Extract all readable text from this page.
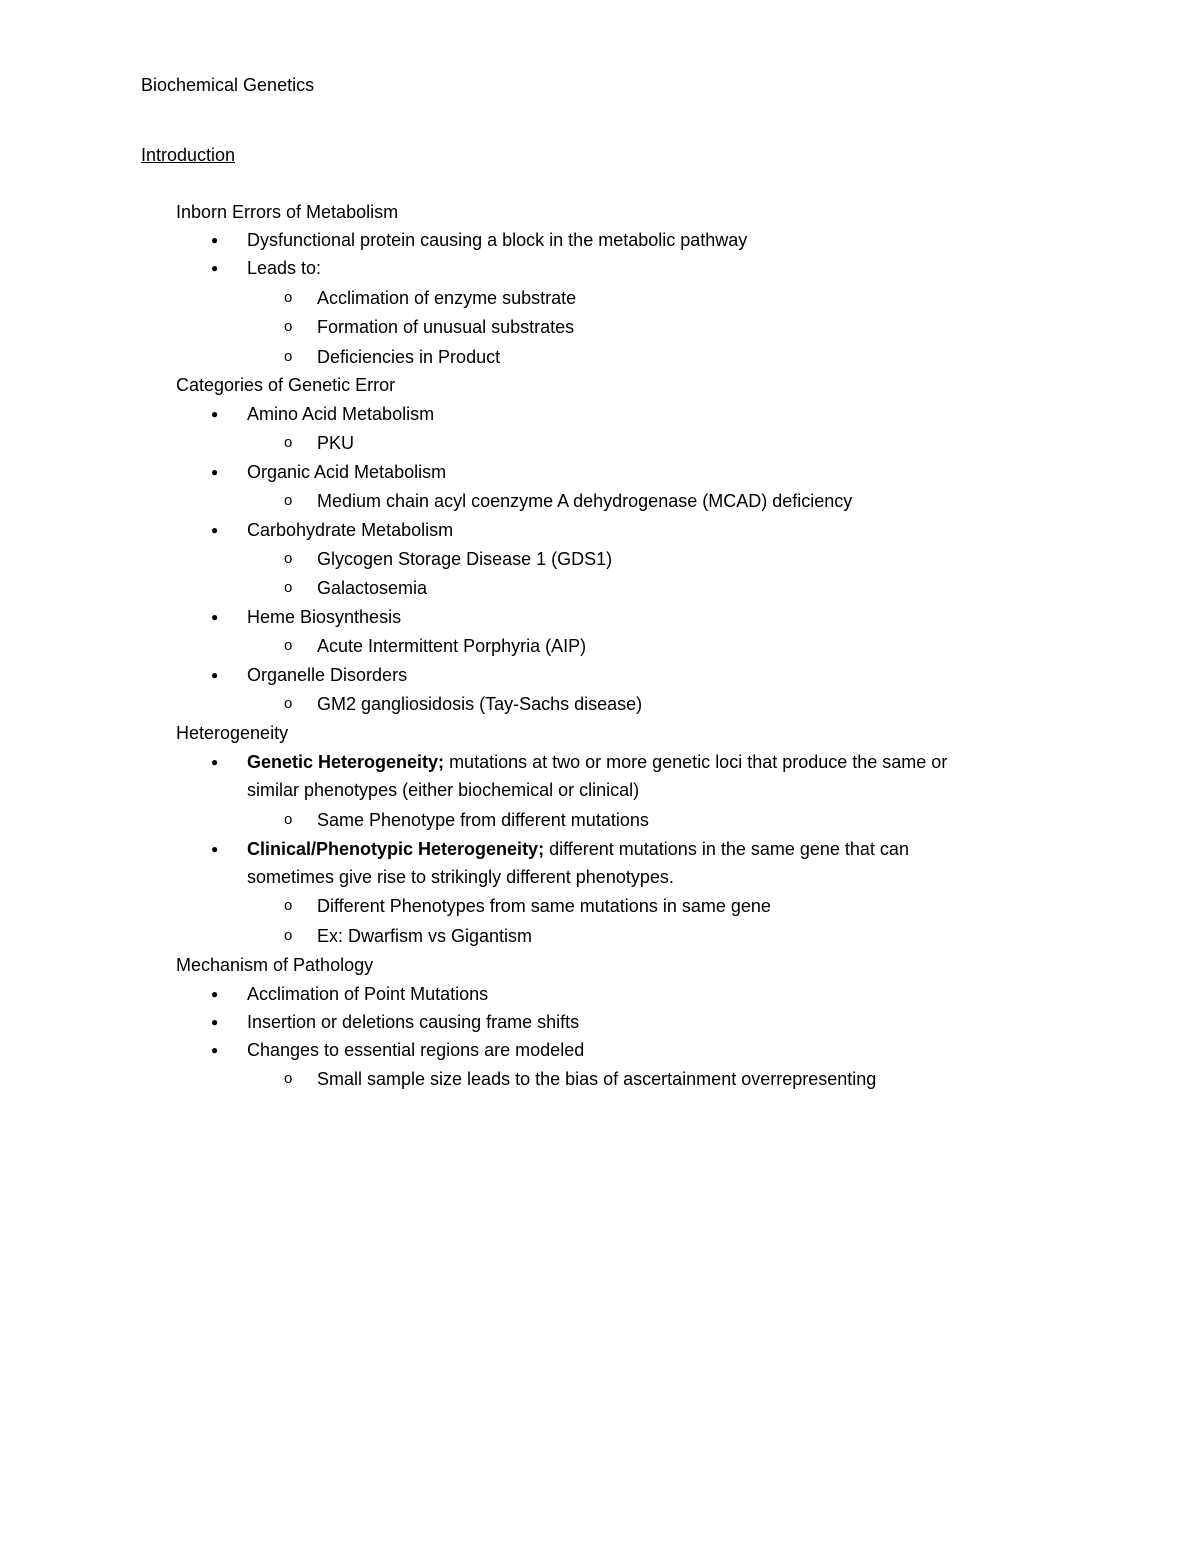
Biochemical Genetics
Introduction
Inborn Errors of Metabolism
● Dysfunctional protein causing a block in the metabolic pathway
● Leads to:
o Acclimation of enzyme substrate
o Formation of unusual substrates
o Deficiencies in Product
Categories of Genetic Error
● Amino Acid Metabolism
o PKU
● Organic Acid Metabolism
o Medium chain acyl coenzyme A dehydrogenase (MCAD) deficiency
● Carbohydrate Metabolism
o Glycogen Storage Disease 1 (GDS1)
o Galactosemia
● Heme Biosynthesis
o Acute Intermittent Porphyria (AIP)
● Organelle Disorders
o GM2 gangliosidosis (Tay-Sachs disease)
Heterogeneity
● Genetic Heterogeneity; mutations at two or more genetic loci that produce the same or
similar phenotypes (either biochemical or clinical)
o Same Phenotype from different mutations
● Clinical/Phenotypic Heterogeneity; different mutations in the same gene that can
sometimes give rise to strikingly different phenotypes.
o Different Phenotypes from same mutations in same gene
o Ex: Dwarfism vs Gigantism
Mechanism of Pathology
● Acclimation of Point Mutations
● Insertion or deletions causing frame shifts
● Changes to essential regions are modeled
o Small sample size leads to the bias of ascertainment overrepresenting
